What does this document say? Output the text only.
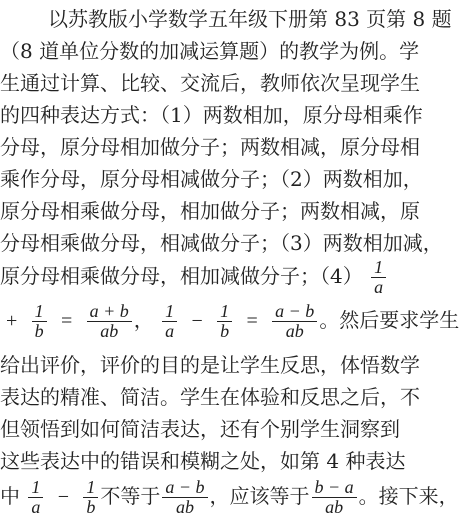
以苏教版小学数学五年级下册第 83 页第 8 题
（8 道单位分数的加减运算题）的教学为例。学
生通过计算、比较、交流后，教师依次呈现学生
的四种表达方式：（1）两数相加，原分母相乘作
分母，原分母相加做分子；两数相减，原分母相
乘作分母，原分母相减做分子；（2）两数相加，
原分母相乘做分母，相加做分子；两数相减，原
分母相乘做分母，相减做分子；（3）两数相加减，
原分母相乘做分母，相加减做分子；$(4) \frac{1}{a}$
+ $\frac{1}{b} = \frac{a + b}{ab}$ ， $\frac{1}{a} - \frac{1}{b} = \frac{a - b}{ab}$ 。然后要求学生
给出评价，评价的目的是让学生反思，体悟数学
表达的精准、简洁。学生在体验和反思之后，不
但领悟到如何简洁表达，还有个别学生洞察到
这些表达中的错误和模糊之处，如第 4 种表达
中 $\frac{1}{a} - \frac{1}{b}$ 不等于 $\frac{a - b}{ab}$ ，应该等于 $\frac{b - a}{ab}$ 。接下来，
